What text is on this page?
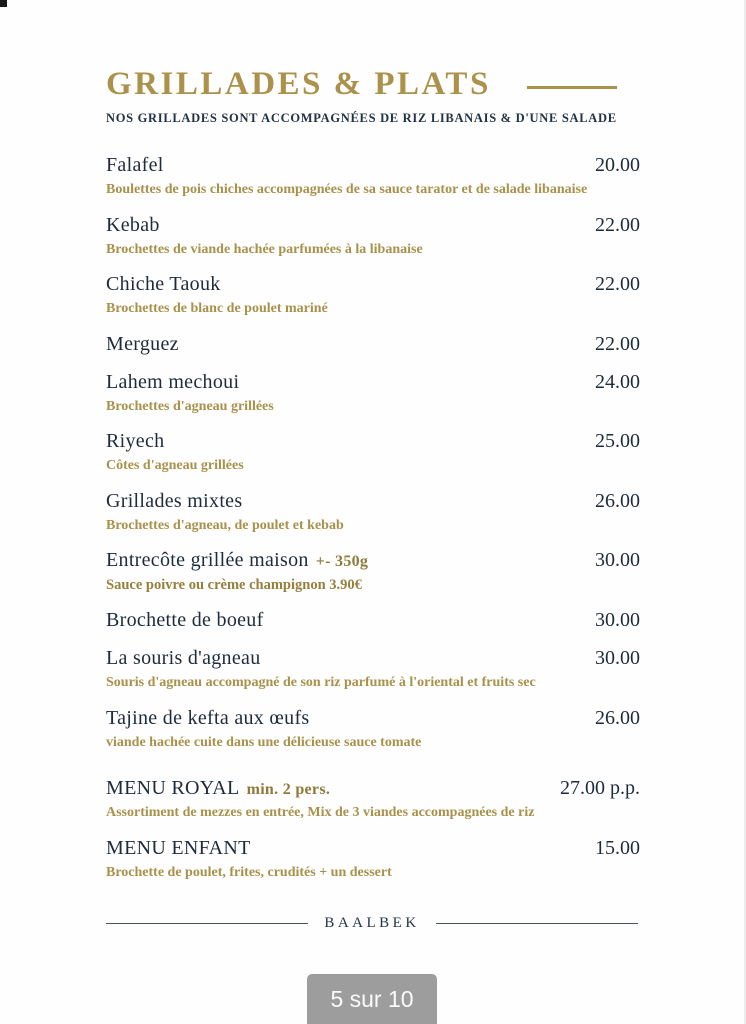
GRILLADES & PLATS
NOS GRILLADES SONT ACCOMPAGNÉES DE RIZ LIBANAIS & D'UNE SALADE
Falafel	20.00
Boulettes de pois chiches accompagnées de sa sauce tarator et de salade libanaise
Kebab	22.00
Brochettes de viande hachée parfumées à la libanaise
Chiche Taouk	22.00
Brochettes de blanc de poulet mariné
Merguez	22.00
Lahem mechoui	24.00
Brochettes d'agneau grillées
Riyech	25.00
Côtes d'agneau grillées
Grillades mixtes	26.00
Brochettes d'agneau, de poulet et kebab
Entrecôte grillée maison +- 350g	30.00
Sauce poivre ou crème champignon 3.90€
Brochette de boeuf	30.00
La souris d'agneau	30.00
Souris d'agneau accompagné de son riz parfumé à l'oriental et fruits sec
Tajine de kefta aux œufs	26.00
viande hachée cuite dans une délicieuse sauce tomate
MENU ROYAL min. 2 pers.	27.00 p.p.
Assortiment de mezzes en entrée, Mix de 3 viandes accompagnées de riz
MENU ENFANT	15.00
Brochette de poulet, frites, crudités + un dessert
BAALBEK
5 sur 10
